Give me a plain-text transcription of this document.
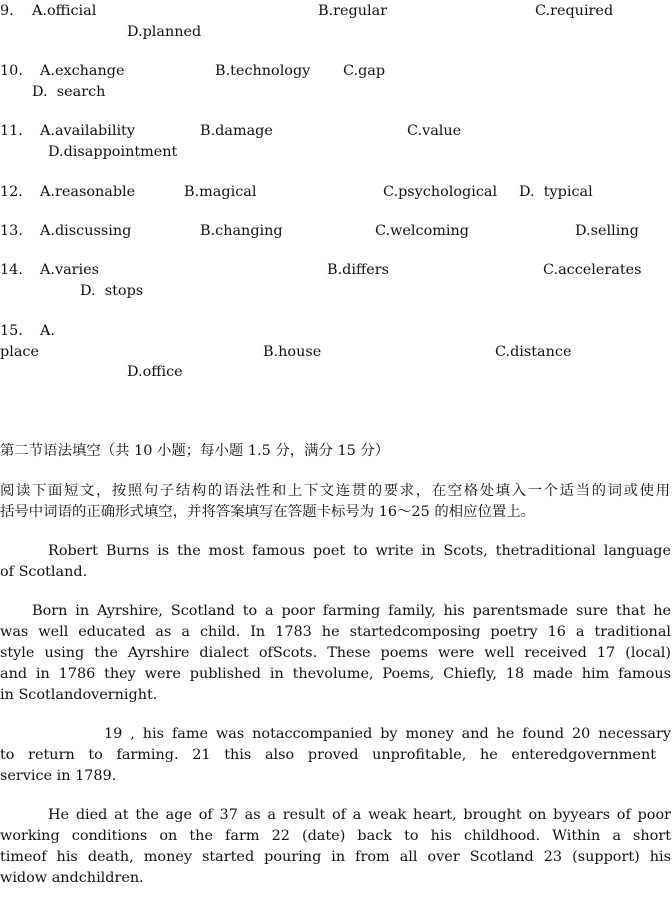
9. A.official	B.regular	C.required
D.planned
10. A.exchange	B.technology C.gap
D.  search
11. A.availability	B.damage	C.value
D.disappointment
12. A.reasonable	B.magical	C.psychological D.  typical
13. A.discussing	B.changing	C.welcoming	D.selling
14. A.varies	B.differs	C.accelerates
D.  stops
15. A.
place	B.house	C.distance
D.office
第二节语法填空（共 10 小题；每小题 1.5 分，满分 15 分）
阅读下面短文，按照句子结构的语法性和上下文连贯的要求，在空格处填入一个适当的词或使用
括号中词语的正确形式填空，并将答案填写在答题卡标号为 16～25 的相应位置上。
Robert Burns is the most famous poet to write in Scots, thetraditional language
of Scotland.
Born in Ayrshire, Scotland to a poor farming family, his parentsmade sure that he
was well educated as a child. In 1783 he startedcomposing poetry 16 a traditional
style using the Ayrshire dialect ofScots. These poems were well received 17 (local)
and in 1786 they were published in thevolume, Poems, Chiefly, 18 made him famous
in Scotlandovernight.
19 , his fame was notaccompanied by money and he found 20 necessary
to return to farming. 21 this also proved unprofitable, he enteredgovernment
service in 1789.
He died at the age of 37 as a result of a weak heart, brought on byyears of poor
working conditions on the farm 22 (date) back to his childhood. Within a short
timeof his death, money started pouring in from all over Scotland 23 (support) his
widow andchildren.
